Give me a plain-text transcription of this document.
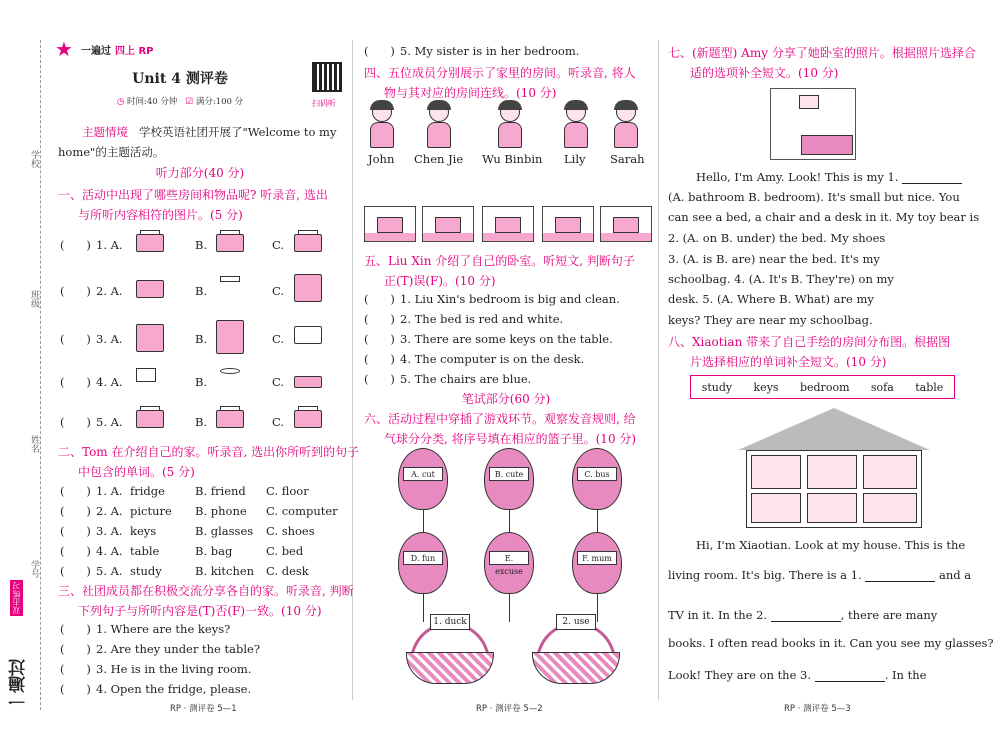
学校
班级
姓名
学号
双击练习
一遍过
★ 一遍过 四上 RP
扫码听
Unit 4 测评卷
◷ 时间:40 分钟 ☑ 满分:100 分
主题情境 学校英语社团开展了"Welcome to my
home"的主题活动。
听力部分(40 分)
一、活动中出现了哪些房间和物品呢? 听录音, 选出
与所听内容相符的图片。(5 分)
(      ) 1. A.	B.	C.
(      ) 2. A.	B.	C.
(      ) 3. A.	B.	C.
(      ) 4. A.	B.	C.
(      ) 5. A.	B.	C.
二、Tom 在介绍自己的家。听录音, 选出你所听到的句子
中包含的单词。(5 分)
(      ) 1. A. fridge	B. friend C. floor
(      ) 2. A. picture B. phone C. computer
(      ) 3. A. keys	B. glasses C. shoes
(      ) 4. A. table	B. bag	C. bed
(      ) 5. A. study	B. kitchen C. desk
三、社团成员都在积极交流分享各自的家。听录音, 判断
下列句子与所听内容是(T)否(F)一致。(10 分)
(      ) 1. Where are the keys?
(      ) 2. Are they under the table?
(      ) 3. He is in the living room.
(      ) 4. Open the fridge, please.
RP · 测评卷 5—1
(      ) 5. My sister is in her bedroom.
四、五位成员分别展示了家里的房间。听录音, 将人
物与其对应的房间连线。(10 分)
John Chen Jie Wu Binbin Lily Sarah
五、Liu Xin 介绍了自己的卧室。听短文, 判断句子
正(T)误(F)。(10 分)
(      ) 1. Liu Xin's bedroom is big and clean.
(      ) 2. The bed is red and white.
(      ) 3. There are some keys on the table.
(      ) 4. The computer is on the desk.
(      ) 5. The chairs are blue.
笔试部分(60 分)
六、活动过程中穿插了游戏环节。观察发音规则, 给
气球分分类, 将序号填在相应的篮子里。(10 分)
A. cut	B. cute	C. bus
D. fun	E. excuse
F. mum
1. duck	2. use
RP · 测评卷 5—2
七、(新题型) Amy 分享了她卧室的照片。根据照片选择合
适的选项补全短文。(10 分)
Hello, I'm Amy. Look! This is my 1.
(A. bathroom B. bedroom). It's small but nice. You
can see a bed, a chair and a desk in it. My toy bear is
2. (A. on B. under) the bed. My shoes
3. (A. is B. are) near the bed. It's my
schoolbag. 4. (A. It's B. They're) on my
desk. 5. (A. Where B. What) are my
keys? They are near my schoolbag.
八、Xiaotian 带来了自己手绘的房间分布图。根据图
片选择相应的单词补全短文。(10 分)
study keys bedroom sofa table
Hi, I'm Xiaotian. Look at my house. This is the
living room. It's big. There is a 1.	and a
TV in it. In the 2.	, there are many
books. I often read books in it. Can you see my glasses?
Look! They are on the 3.	. In the
RP · 测评卷 5—3
